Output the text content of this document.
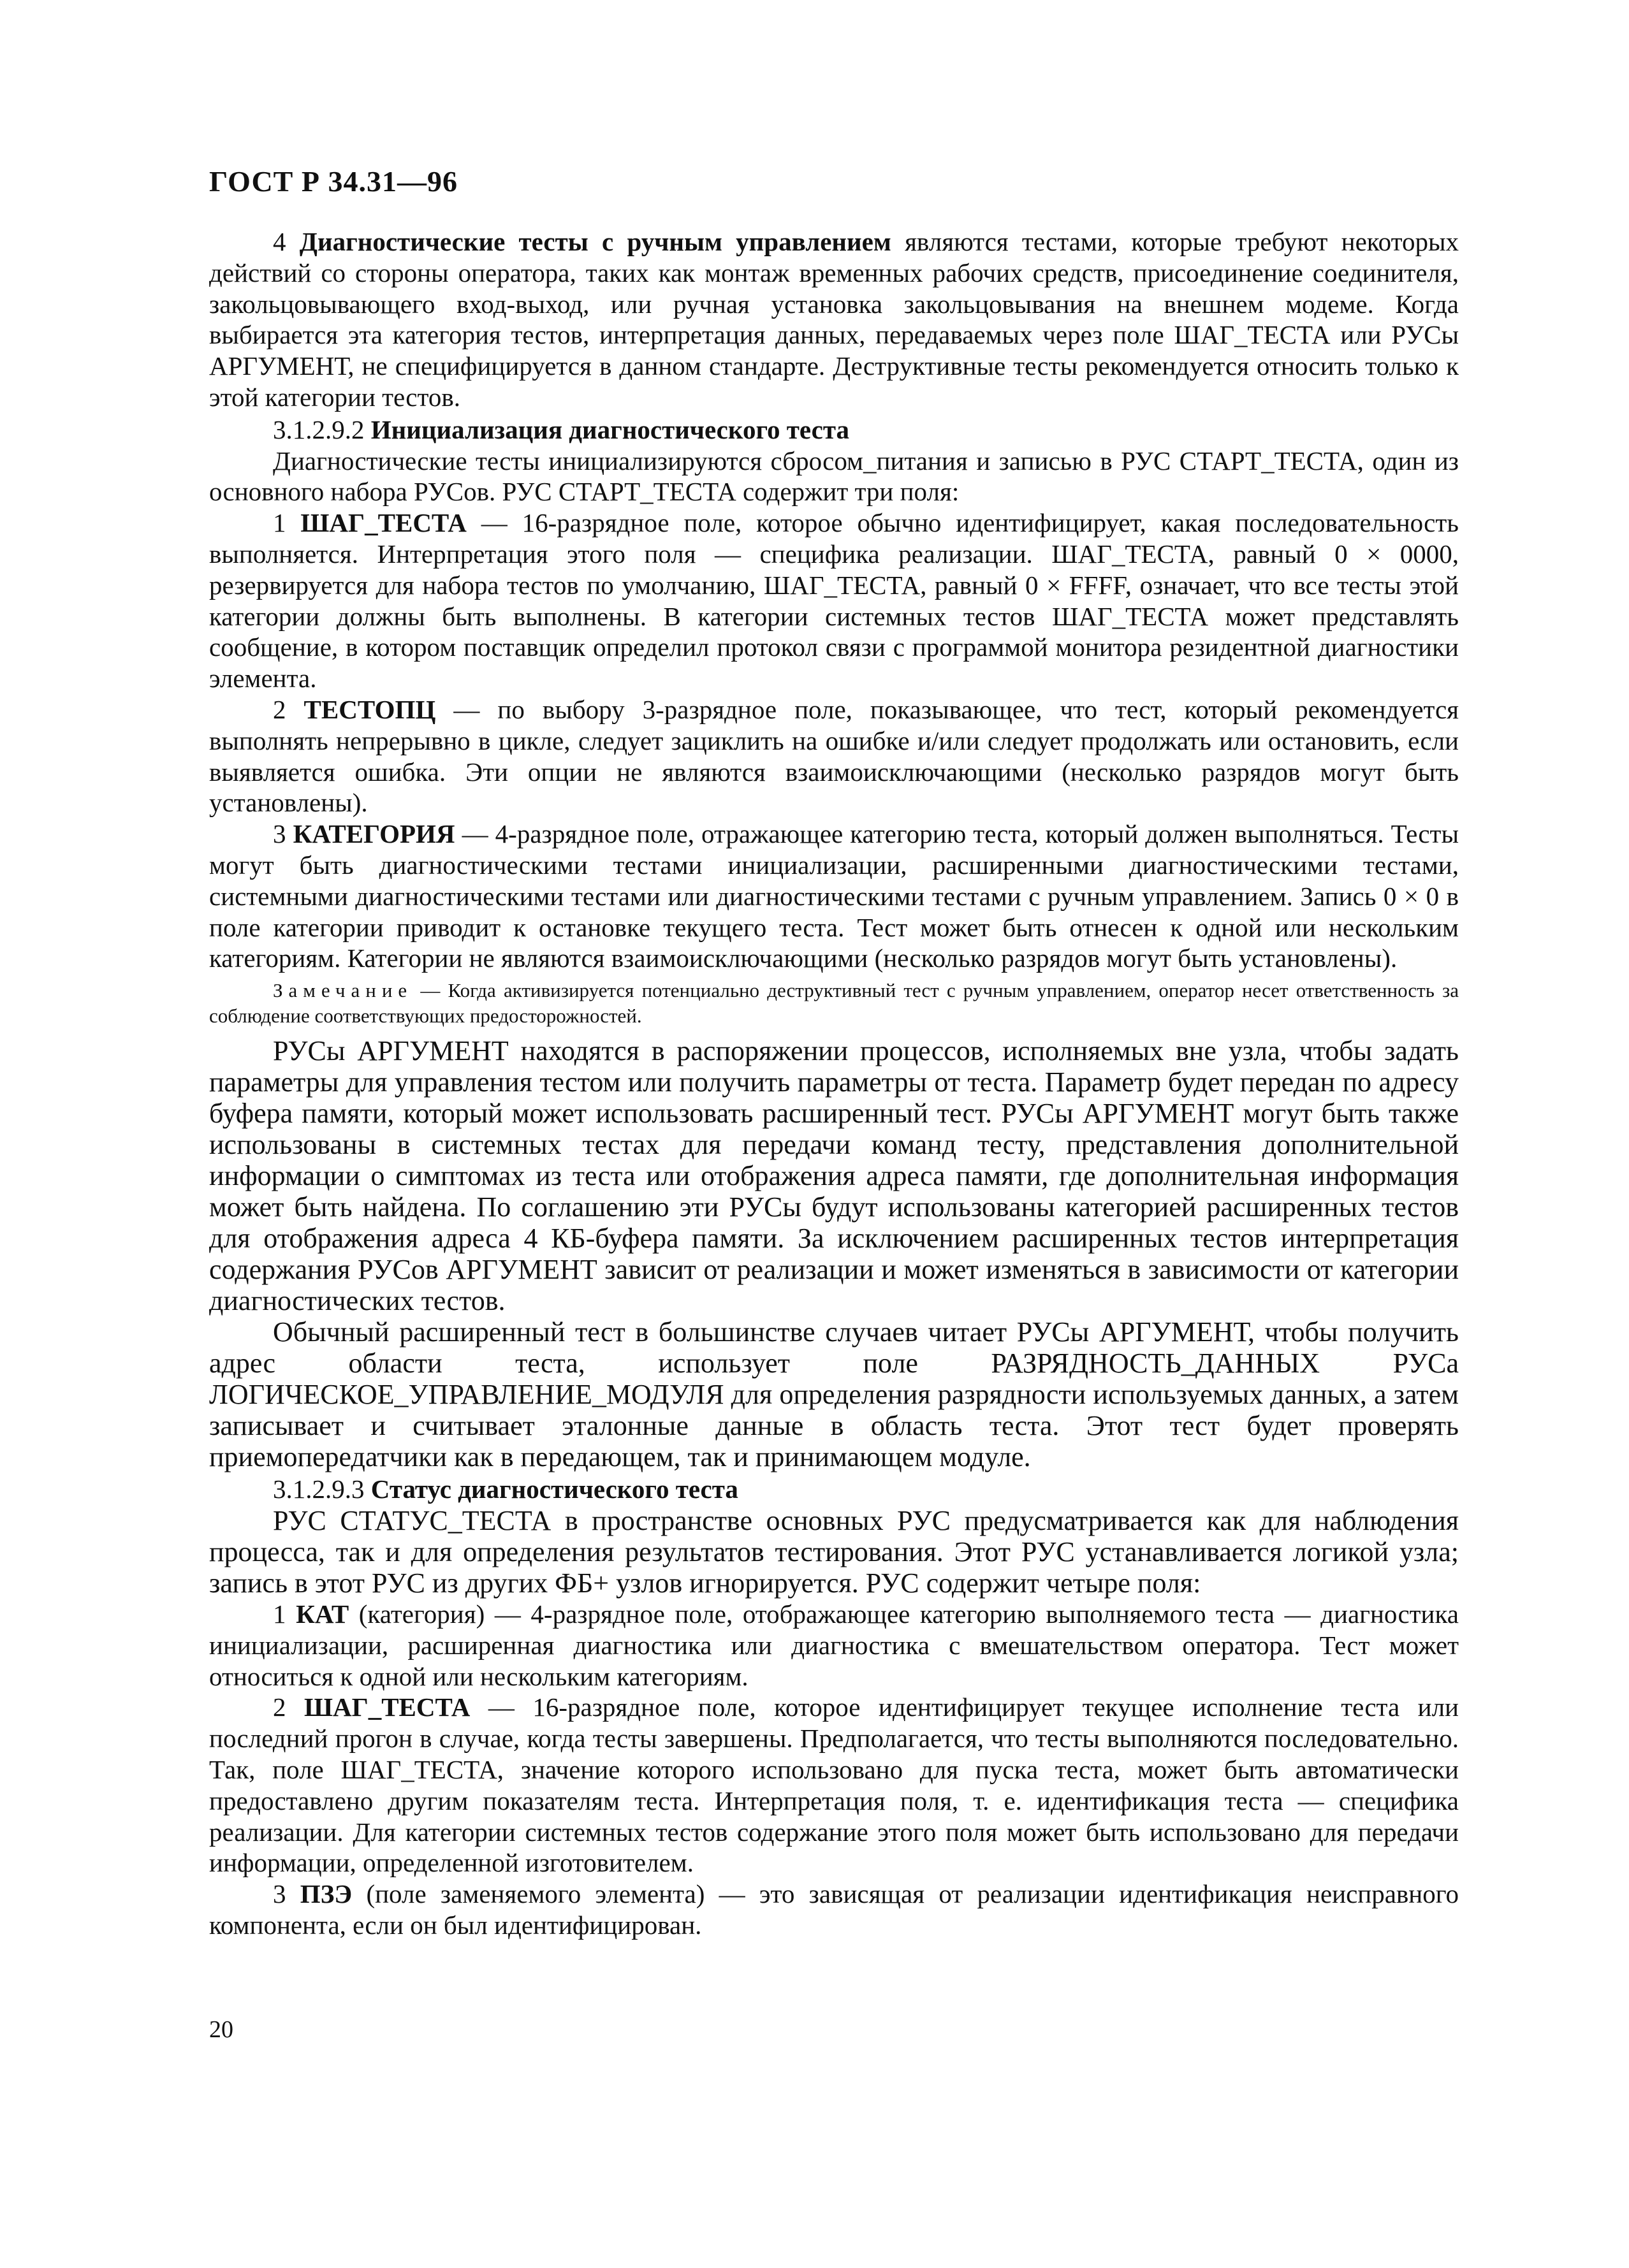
ГОСТ Р 34.31—96

4 Диагностические тесты с ручным управлением являются тестами, которые требуют некоторых действий со стороны оператора, таких как монтаж временных рабочих средств, присоединение соединителя, закольцовывающего вход-выход, или ручная установка закольцовывания на внешнем модеме. Когда выбирается эта категория тестов, интерпретация данных, передаваемых через поле ШАГ_ТЕСТА или РУСы АРГУМЕНТ, не специфицируется в данном стандарте. Деструктивные тесты рекомендуется относить только к этой категории тестов.

3.1.2.9.2 Инициализация диагностического теста

Диагностические тесты инициализируются сбросом_питания и записью в РУС СТАРТ_ТЕСТА, один из основного набора РУСов. РУС СТАРТ_ТЕСТА содержит три поля:

1 ШАГ_ТЕСТА — 16-разрядное поле, которое обычно идентифицирует, какая последовательность выполняется. Интерпретация этого поля — специфика реализации. ШАГ_ТЕСТА, равный 0 × 0000, резервируется для набора тестов по умолчанию, ШАГ_ТЕСТА, равный 0 × FFFF, означает, что все тесты этой категории должны быть выполнены. В категории системных тестов ШАГ_ТЕСТА может представлять сообщение, в котором поставщик определил протокол связи с программой монитора резидентной диагностики элемента.

2 ТЕСТОПЦ — по выбору 3-разрядное поле, показывающее, что тест, который рекомендуется выполнять непрерывно в цикле, следует зациклить на ошибке и/или следует продолжать или остановить, если выявляется ошибка. Эти опции не являются взаимоисключающими (несколько разрядов могут быть установлены).

3 КАТЕГОРИЯ — 4-разрядное поле, отражающее категорию теста, который должен выполняться. Тесты могут быть диагностическими тестами инициализации, расширенными диагностическими тестами, системными диагностическими тестами или диагностическими тестами с ручным управлением. Запись 0 × 0 в поле категории приводит к остановке текущего теста. Тест может быть отнесен к одной или нескольким категориям. Категории не являются взаимоисключающими (несколько разрядов могут быть установлены).

Замечание — Когда активизируется потенциально деструктивный тест с ручным управлением, оператор несет ответственность за соблюдение соответствующих предосторожностей.

РУСы АРГУМЕНТ находятся в распоряжении процессов, исполняемых вне узла, чтобы задать параметры для управления тестом или получить параметры от теста. Параметр будет передан по адресу буфера памяти, который может использовать расширенный тест. РУСы АРГУМЕНТ могут быть также использованы в системных тестах для передачи команд тесту, представления дополнительной информации о симптомах из теста или отображения адреса памяти, где дополнительная информация может быть найдена. По соглашению эти РУСы будут использованы категорией расширенных тестов для отображения адреса 4 КБ-буфера памяти. За исключением расширенных тестов интерпретация содержания РУСов АРГУМЕНТ зависит от реализации и может изменяться в зависимости от категории диагностических тестов.

Обычный расширенный тест в большинстве случаев читает РУСы АРГУМЕНТ, чтобы получить адрес области теста, использует поле РАЗРЯДНОСТЬ_ДАННЫХ РУСа ЛОГИЧЕСКОЕ_УПРАВЛЕНИЕ_МОДУЛЯ для определения разрядности используемых данных, а затем записывает и считывает эталонные данные в область теста. Этот тест будет проверять приемопередатчики как в передающем, так и принимающем модуле.

3.1.2.9.3 Статус диагностического теста

РУС СТАТУС_ТЕСТА в пространстве основных РУС предусматривается как для наблюдения процесса, так и для определения результатов тестирования. Этот РУС устанавливается логикой узла; запись в этот РУС из других ФБ+ узлов игнорируется. РУС содержит четыре поля:

1 КАТ (категория) — 4-разрядное поле, отображающее категорию выполняемого теста — диагностика инициализации, расширенная диагностика или диагностика с вмешательством оператора. Тест может относиться к одной или нескольким категориям.

2 ШАГ_ТЕСТА — 16-разрядное поле, которое идентифицирует текущее исполнение теста или последний прогон в случае, когда тесты завершены. Предполагается, что тесты выполняются последовательно. Так, поле ШАГ_ТЕСТА, значение которого использовано для пуска теста, может быть автоматически предоставлено другим показателям теста. Интерпретация поля, т. е. идентификация теста — специфика реализации. Для категории системных тестов содержание этого поля может быть использовано для передачи информации, определенной изготовителем.

3 ПЗЭ (поле заменяемого элемента) — это зависящая от реализации идентификация неисправного компонента, если он был идентифицирован.

20
